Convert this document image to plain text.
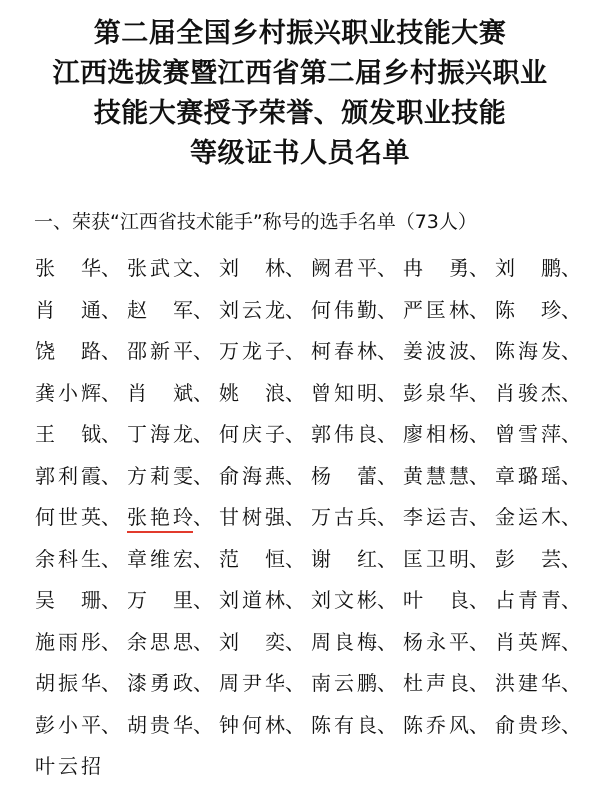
第二届全国乡村振兴职业技能大赛
江西选拔赛暨江西省第二届乡村振兴职业
技能大赛授予荣誉、颁发职业技能
等级证书人员名单
一、荣获“江西省技术能手”称号的选手名单（73人）
张华、 张武文、 刘林、 阙君平、 冉勇、 刘鹏、
肖通、 赵军、 刘云龙、 何伟勤、 严匡林、 陈珍、
饶路、 邵新平、 万龙子、 柯春林、 姜波波、 陈海发、
龚小辉、 肖斌、 姚浪、 曾知明、 彭泉华、 肖骏杰、
王钺、 丁海龙、 何庆子、 郭伟良、 廖相杨、 曾雪萍、
郭利霞、 方莉雯、 俞海燕、 杨蕾、 黄慧慧、 章璐瑶、
何世英、 张艳玲、 甘树强、 万古兵、 李运吉、 金运木、
余科生、 章维宏、 范恒、 谢红、 匡卫明、 彭芸、
吴珊、 万里、 刘道林、 刘文彬、 叶良、 占青青、
施雨彤、 余思思、 刘奕、 周良梅、 杨永平、 肖英辉、
胡振华、 漆勇政、 周尹华、 南云鹏、 杜声良、 洪建华、
彭小平、 胡贵华、 钟何林、 陈有良、 陈乔风、 俞贵珍、
叶云招
